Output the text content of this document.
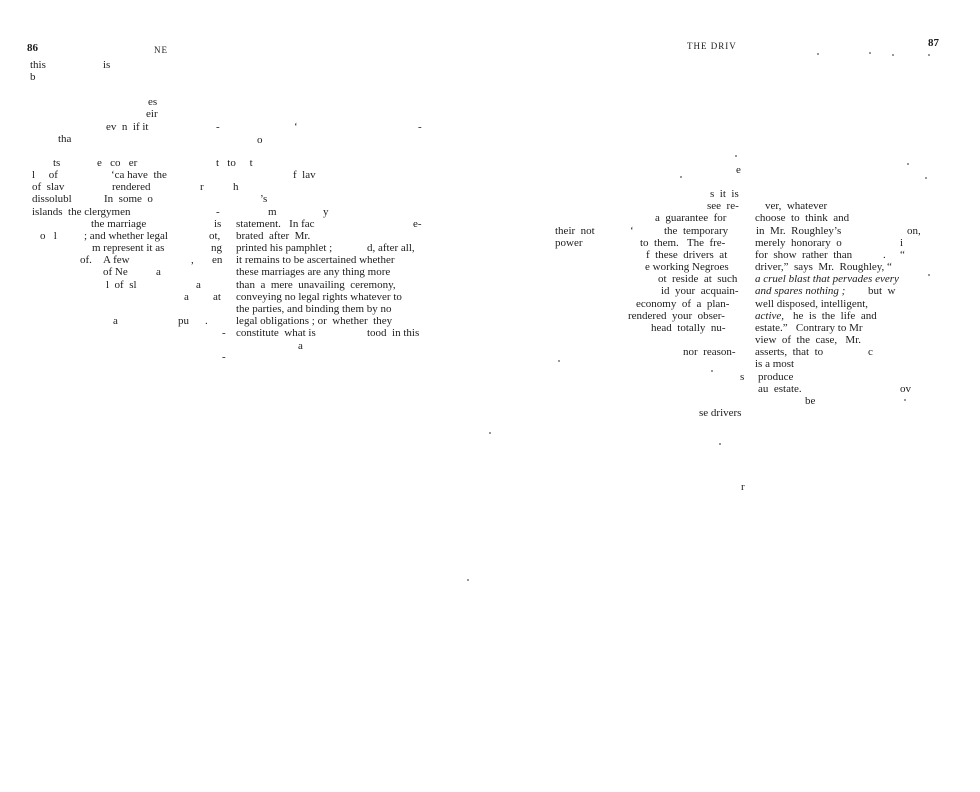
86	NE
this	is
b
es
eir
ev  n  if it	-	‘	-
tha	o
ts	e   co   er	t   to     t
l     of	‘ca have  the	f  lav
of  slav	rendered	r	h
dissolubl	In  some  o	’s
islands  the clergymen	-	m	y
the marriage	is statement.   In fac	e-
o   l ; and whether legal	ot, brated  after  Mr.
m represent it as	ng printed his pamphlet ;	d, after all,
of. A few	, en it remains to be ascertained whether
of Ne	a	these marriages are any thing more
l  of  sl	a	than  a  mere  unavailing  ceremony,
a at conveying no legal rights whatever to
the parties, and binding them by no
a	pu .	legal obligations ; or  whether  they
- constitute  what is	tood  in this
a
-
THE DRIV	87
e
s  it  is
see  re- ver,  whatever
a  guarantee  for	choose  to  think  and
their  not	‘	the  temporary	in  Mr.  Roughley’s	on,
power	to  them.   The  fre-	merely  honorary  o	i
f  these  drivers  at	for  show  rather  than	. “
e working Negroes driver,”  says  Mr.  Roughley, “
ot  reside  at  such a cruel blast that pervades every
id  your  acquain- and spares nothing ; but  w
economy  of  a  plan- well disposed, intelligent,
rendered  your  obser-	active, he  is  the  life  and
head  totally  nu-	estate.”   Contrary to Mr
view  of  the  case,   Mr.
nor  reason- asserts,  that  to	c
is a most
s produce
au  estate.	ov
be
se drivers
r
